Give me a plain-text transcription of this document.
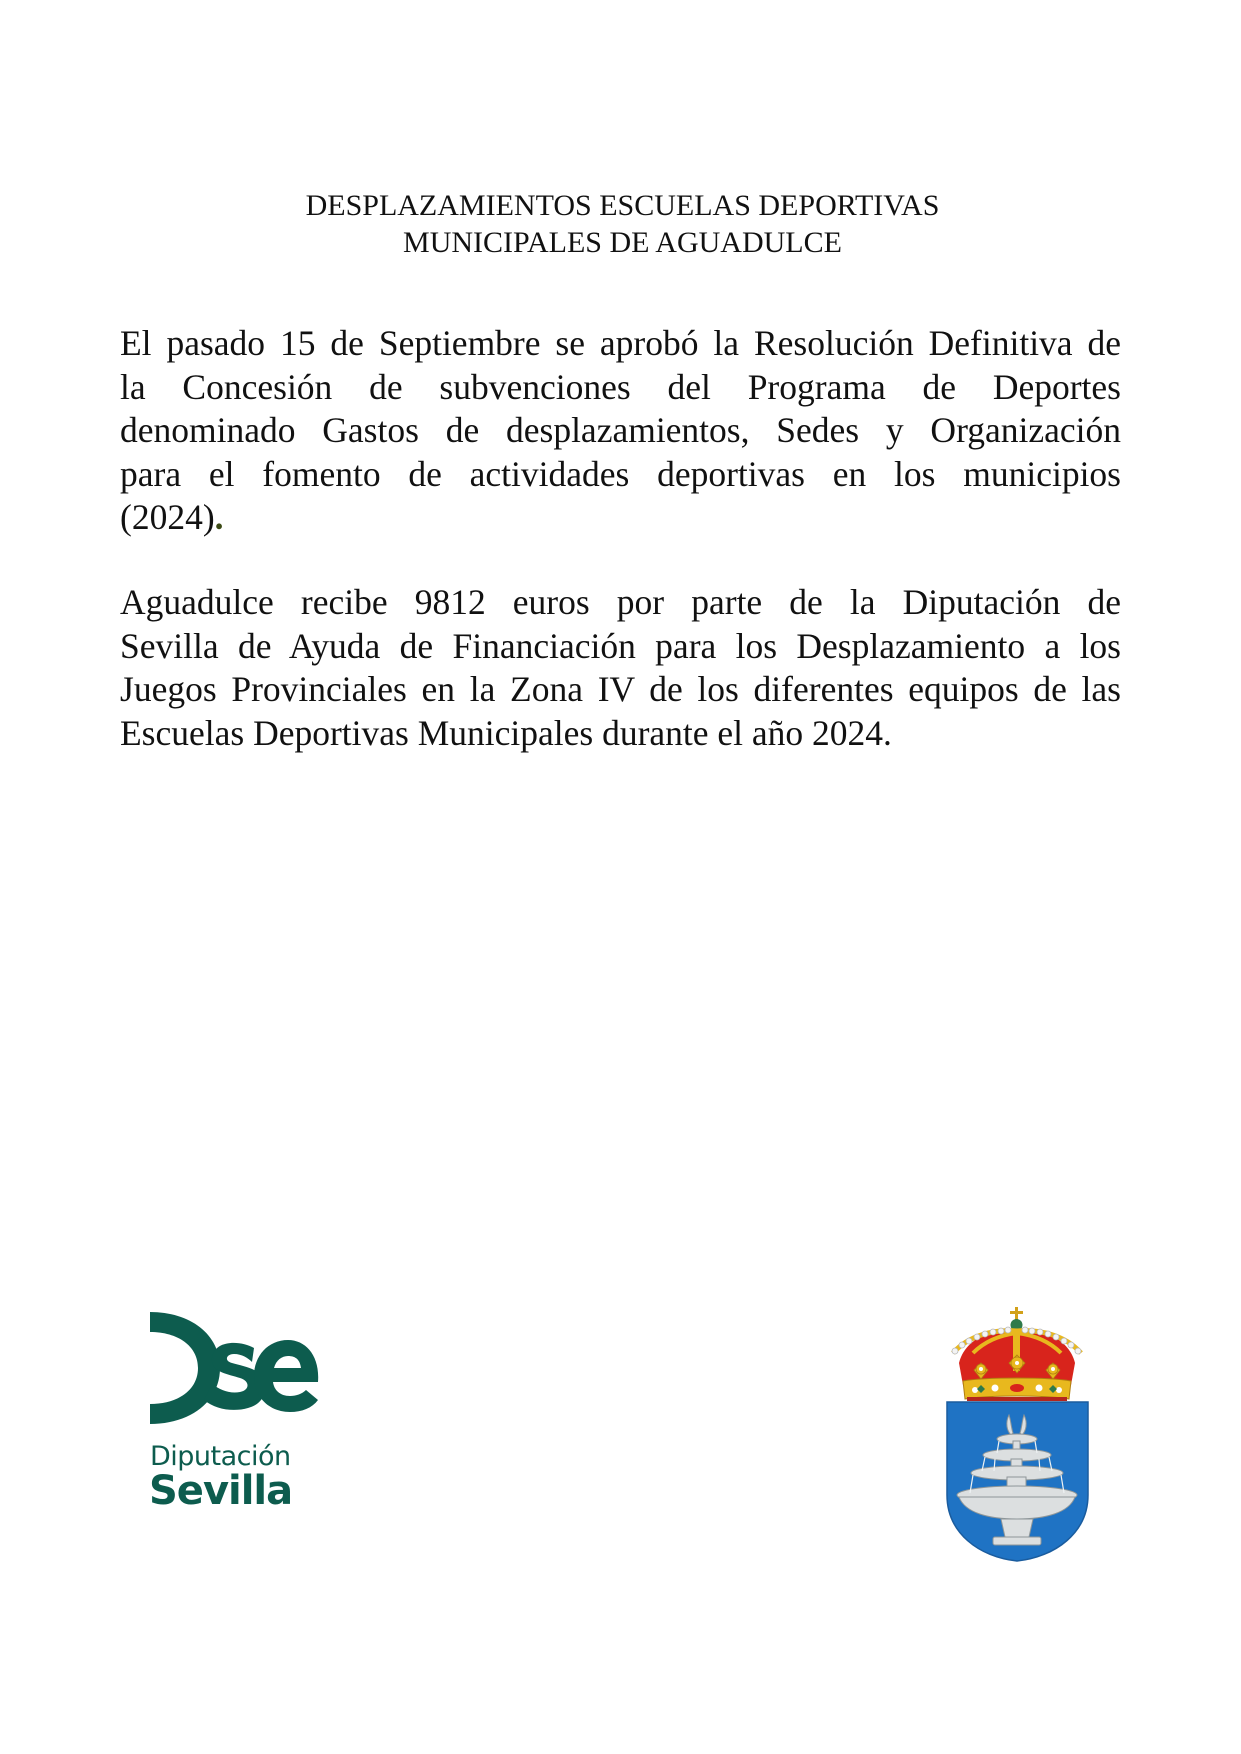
DESPLAZAMIENTOS ESCUELAS DEPORTIVAS
MUNICIPALES DE AGUADULCE
El pasado 15 de Septiembre se aprobó la Resolución Definitiva de
la Concesión de subvenciones del Programa de Deportes
denominado Gastos de desplazamientos, Sedes y Organización
para el fomento de actividades deportivas en los municipios
(2024).
Aguadulce recibe 9812 euros por parte de la Diputación de
Sevilla de Ayuda de Financiación para los Desplazamiento a los
Juegos Provinciales en la Zona IV de los diferentes equipos de las
Escuelas Deportivas Municipales durante el año 2024.
Diputación
Sevilla
